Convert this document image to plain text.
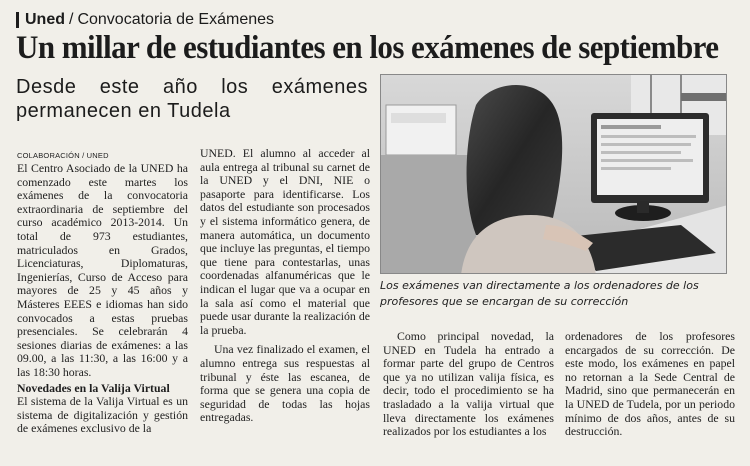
Uned / Convocatoria de Exámenes
Un millar de estudiantes en los exámenes de septiembre
Desde este año los exámenes permanecen en Tudela
Los exámenes van directamente a los ordenadores de los profesores que se encargan de su corrección
COLABORACIÓN / UNED

El Centro Asociado de la UNED ha comenzado este martes los exámenes de la convocatoria extraordinaria de septiembre del curso académico 2013-2014. Un total de 973 estudiantes, matriculados en Grados, Licenciaturas, Diplomaturas, Ingenierías, Curso de Acceso para mayores de 25 y 45 años y Másteres EEES e idiomas han sido convocados a estas pruebas presenciales. Se celebrarán 4 sesiones diarias de exámenes: a las 09.00, a las 11:30, a las 16:00 y a las 18:30 horas.

Novedades en la Valija Virtual

El sistema de la Valija Virtual es un sistema de digitalización y gestión de exámenes exclusivo de la

UNED. El alumno al acceder al aula entrega al tribunal su carnet de la UNED y el DNI, NIE o pasaporte para identificarse. Los datos del estudiante son procesados y el sistema informático genera, de manera automática, un documento que incluye las preguntas, el tiempo que tiene para contestarlas, unas coordenadas alfanuméricas que le indican el lugar que va a ocupar en la sala así como el material que puede usar durante la realización de la prueba.

Una vez finalizado el examen, el alumno entrega sus respuestas al tribunal y éste las escanea, de forma que se genera una copia de seguridad de todas las hojas entregadas.

Como principal novedad, la UNED en Tudela ha entrado a formar parte del grupo de Centros que ya no utilizan valija física, es decir, todo el procedimiento se ha trasladado a la valija virtual que lleva directamente los exámenes realizados por los estudiantes a los

ordenadores de los profesores encargados de su corrección. De este modo, los exámenes en papel no retornan a la Sede Central de Madrid, sino que permanecerán en la UNED de Tudela, por un periodo mínimo de dos años, antes de su destrucción.
